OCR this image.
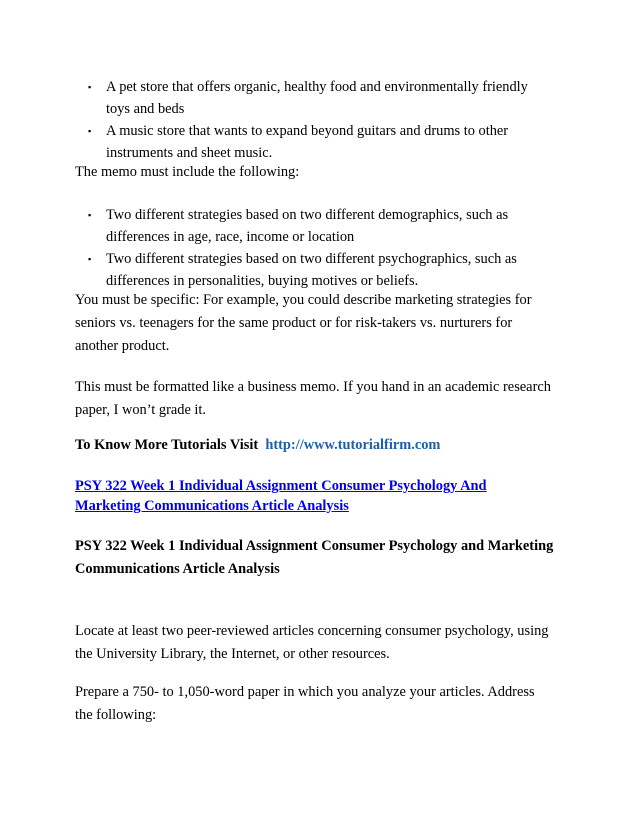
▪ A pet store that offers organic, healthy food and environmentally friendly
toys and beds
▪ A music store that wants to expand beyond guitars and drums to other
instruments and sheet music.
The memo must include the following:
▪ Two different strategies based on two different demographics, such as
differences in age, race, income or location
▪ Two different strategies based on two different psychographics, such as
differences in personalities, buying motives or beliefs.
You must be specific: For example, you could describe marketing strategies for
seniors vs. teenagers for the same product or for risk-takers vs. nurturers for
another product.
This must be formatted like a business memo. If you hand in an academic research
paper, I won’t grade it.
To Know More Tutorials Visit http://www.tutorialfirm.com
PSY 322 Week 1 Individual Assignment Consumer Psychology And
Marketing Communications Article Analysis
PSY 322 Week 1 Individual Assignment Consumer Psychology and Marketing
Communications Article Analysis
Locate at least two peer-reviewed articles concerning consumer psychology, using
the University Library, the Internet, or other resources.
Prepare a 750- to 1,050-word paper in which you analyze your articles. Address
the following:
